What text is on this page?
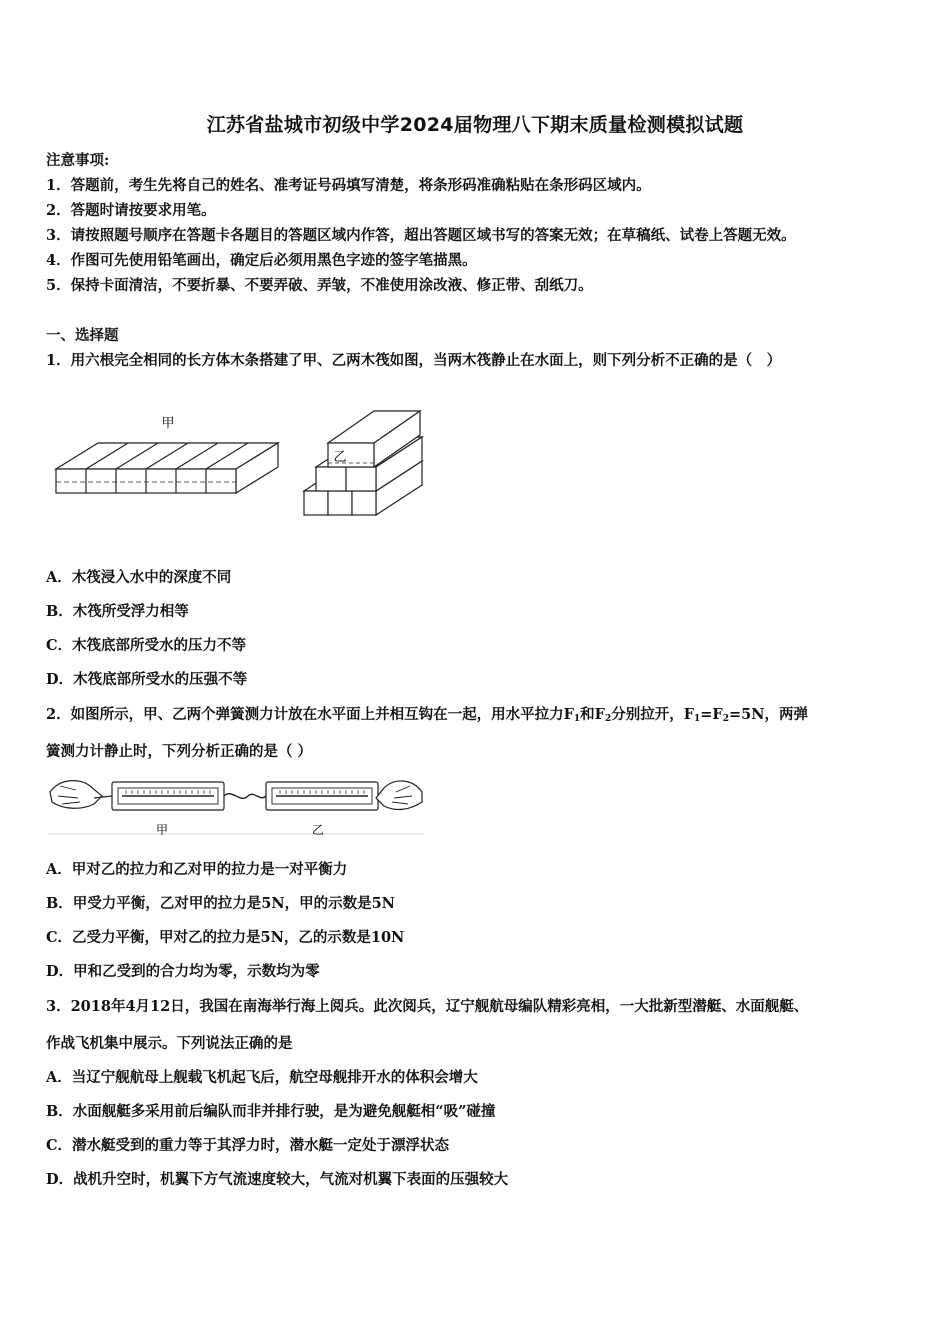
江苏省盐城市初级中学2024届物理八下期末质量检测模拟试题
注意事项:
1．答题前，考生先将自己的姓名、准考证号码填写清楚，将条形码准确粘贴在条形码区域内。
2．答题时请按要求用笔。
3．请按照题号顺序在答题卡各题目的答题区域内作答，超出答题区域书写的答案无效；在草稿纸、试卷上答题无效。
4．作图可先使用铅笔画出，确定后必须用黑色字迹的签字笔描黑。
5．保持卡面清洁，不要折暴、不要弄破、弄皱，不准使用涂改液、修正带、刮纸刀。
一、选择题
1．用六根完全相同的长方体木条搭建了甲、乙两木筏如图，当两木筏静止在水面上，则下列分析不正确的是（　）
甲
乙
A．木筏浸入水中的深度不同
B．木筏所受浮力相等
C．木筏底部所受水的压力不等
D．木筏底部所受水的压强不等
2．如图所示，甲、乙两个弹簧测力计放在水平面上并相互钩在一起，用水平拉力$F_1$和$F_2$分别拉开，$F_1=F_2=5N$，两弹
簧测力计静止时，下列分析正确的是（ ）
甲	乙
A．甲对乙的拉力和乙对甲的拉力是一对平衡力
B．甲受力平衡，乙对甲的拉力是5N，甲的示数是5N
C．乙受力平衡，甲对乙的拉力是5N，乙的示数是10N
D．甲和乙受到的合力均为零，示数均为零
3．2018年4月12日，我国在南海举行海上阅兵。此次阅兵，辽宁舰航母编队精彩亮相，一大批新型潜艇、水面舰艇、
作战飞机集中展示。下列说法正确的是
A．当辽宁舰航母上舰载飞机起飞后，航空母舰排开水的体积会增大
B．水面舰艇多采用前后编队而非并排行驶，是为避免舰艇相“吸”碰撞
C．潜水艇受到的重力等于其浮力时，潜水艇一定处于漂浮状态
D．战机升空时，机翼下方气流速度较大，气流对机翼下表面的压强较大
